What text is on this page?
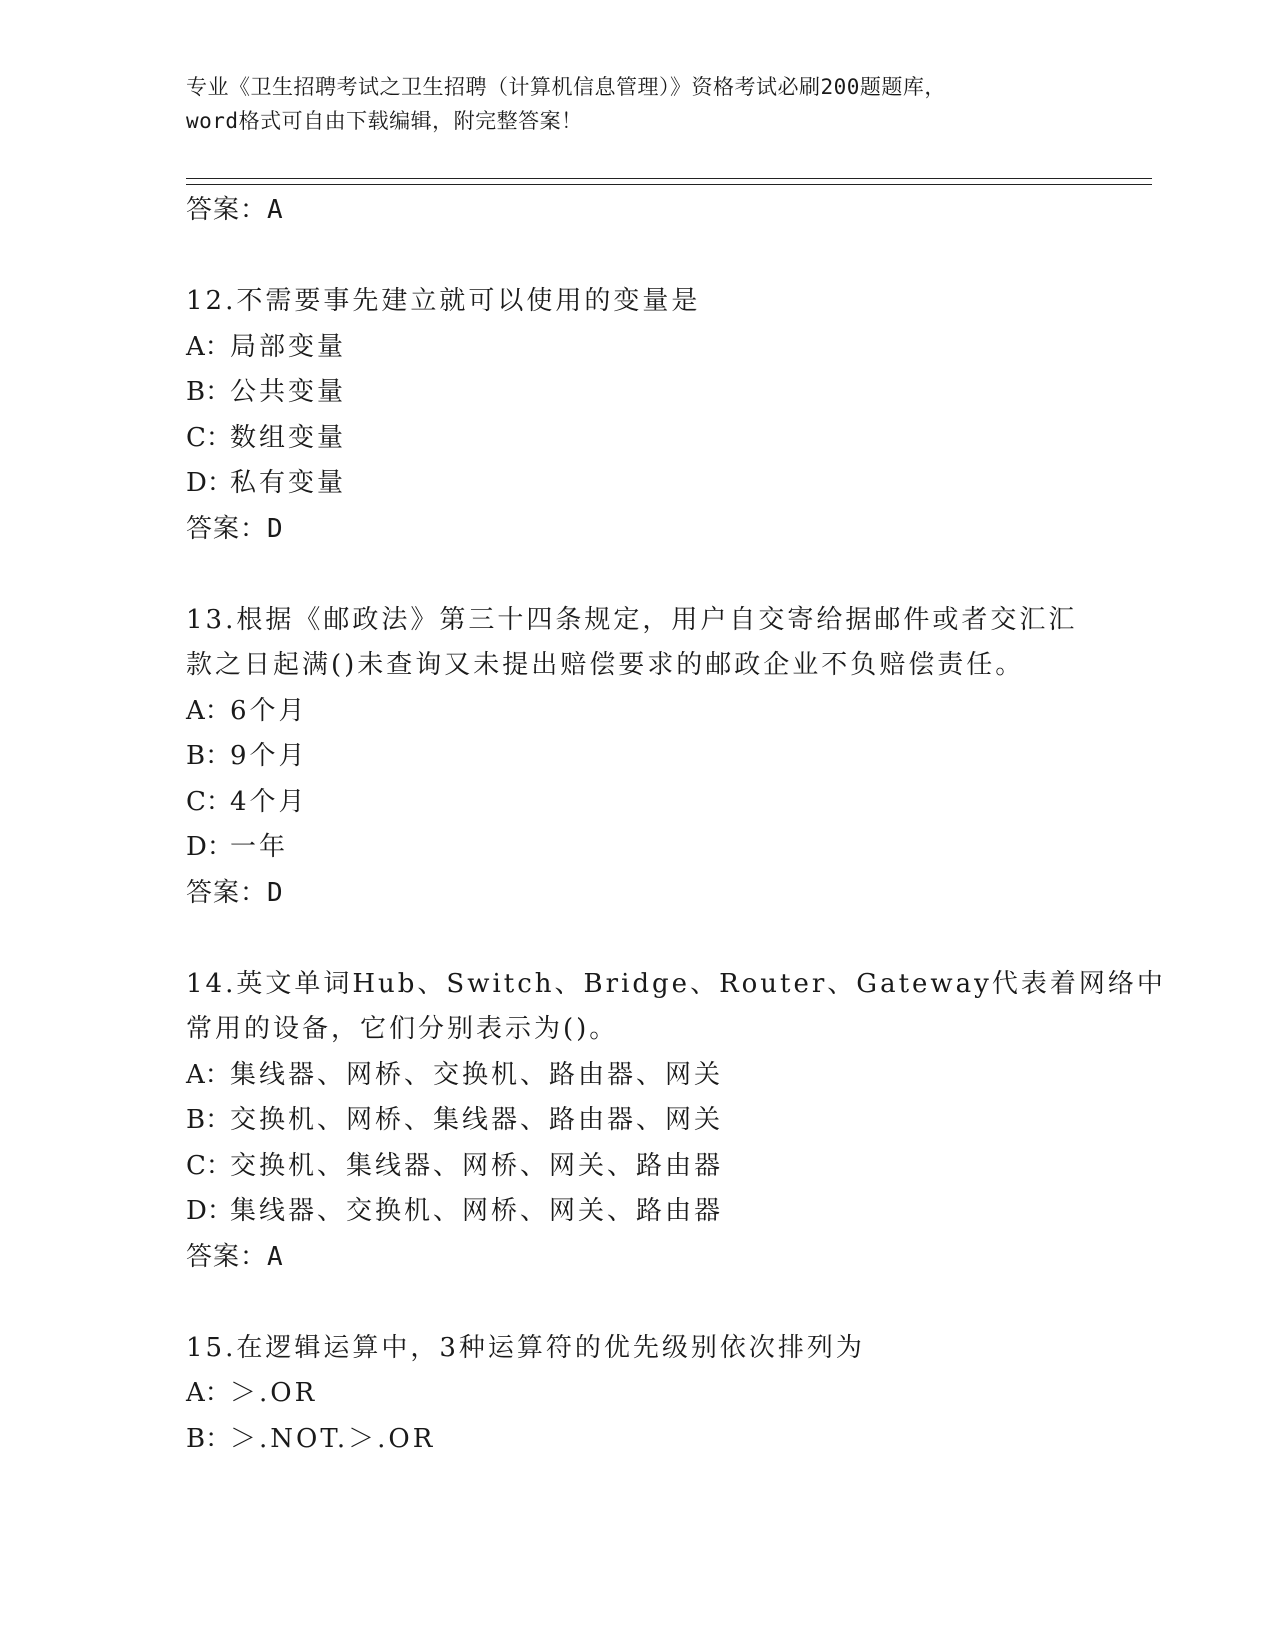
专业《卫生招聘考试之卫生招聘（计算机信息管理）》资格考试必刷200题题库，
word格式可自由下载编辑，附完整答案！
答案：A
12.不需要事先建立就可以使用的变量是
A：局部变量
B：公共变量
C：数组变量
D：私有变量
答案：D
13.根据《邮政法》第三十四条规定，用户自交寄给据邮件或者交汇汇
款之日起满()未查询又未提出赔偿要求的邮政企业不负赔偿责任。
A：6个月
B：9个月
C：4个月
D：一年
答案：D
14.英文单词Hub、Switch、Bridge、Router、Gateway代表着网络中
常用的设备，它们分别表示为()。
A：集线器、网桥、交换机、路由器、网关
B：交换机、网桥、集线器、路由器、网关
C：交换机、集线器、网桥、网关、路由器
D：集线器、交换机、网桥、网关、路由器
答案：A
15.在逻辑运算中，3种运算符的优先级别依次排列为
A：＞.OR
B：＞.NOT.＞.OR
